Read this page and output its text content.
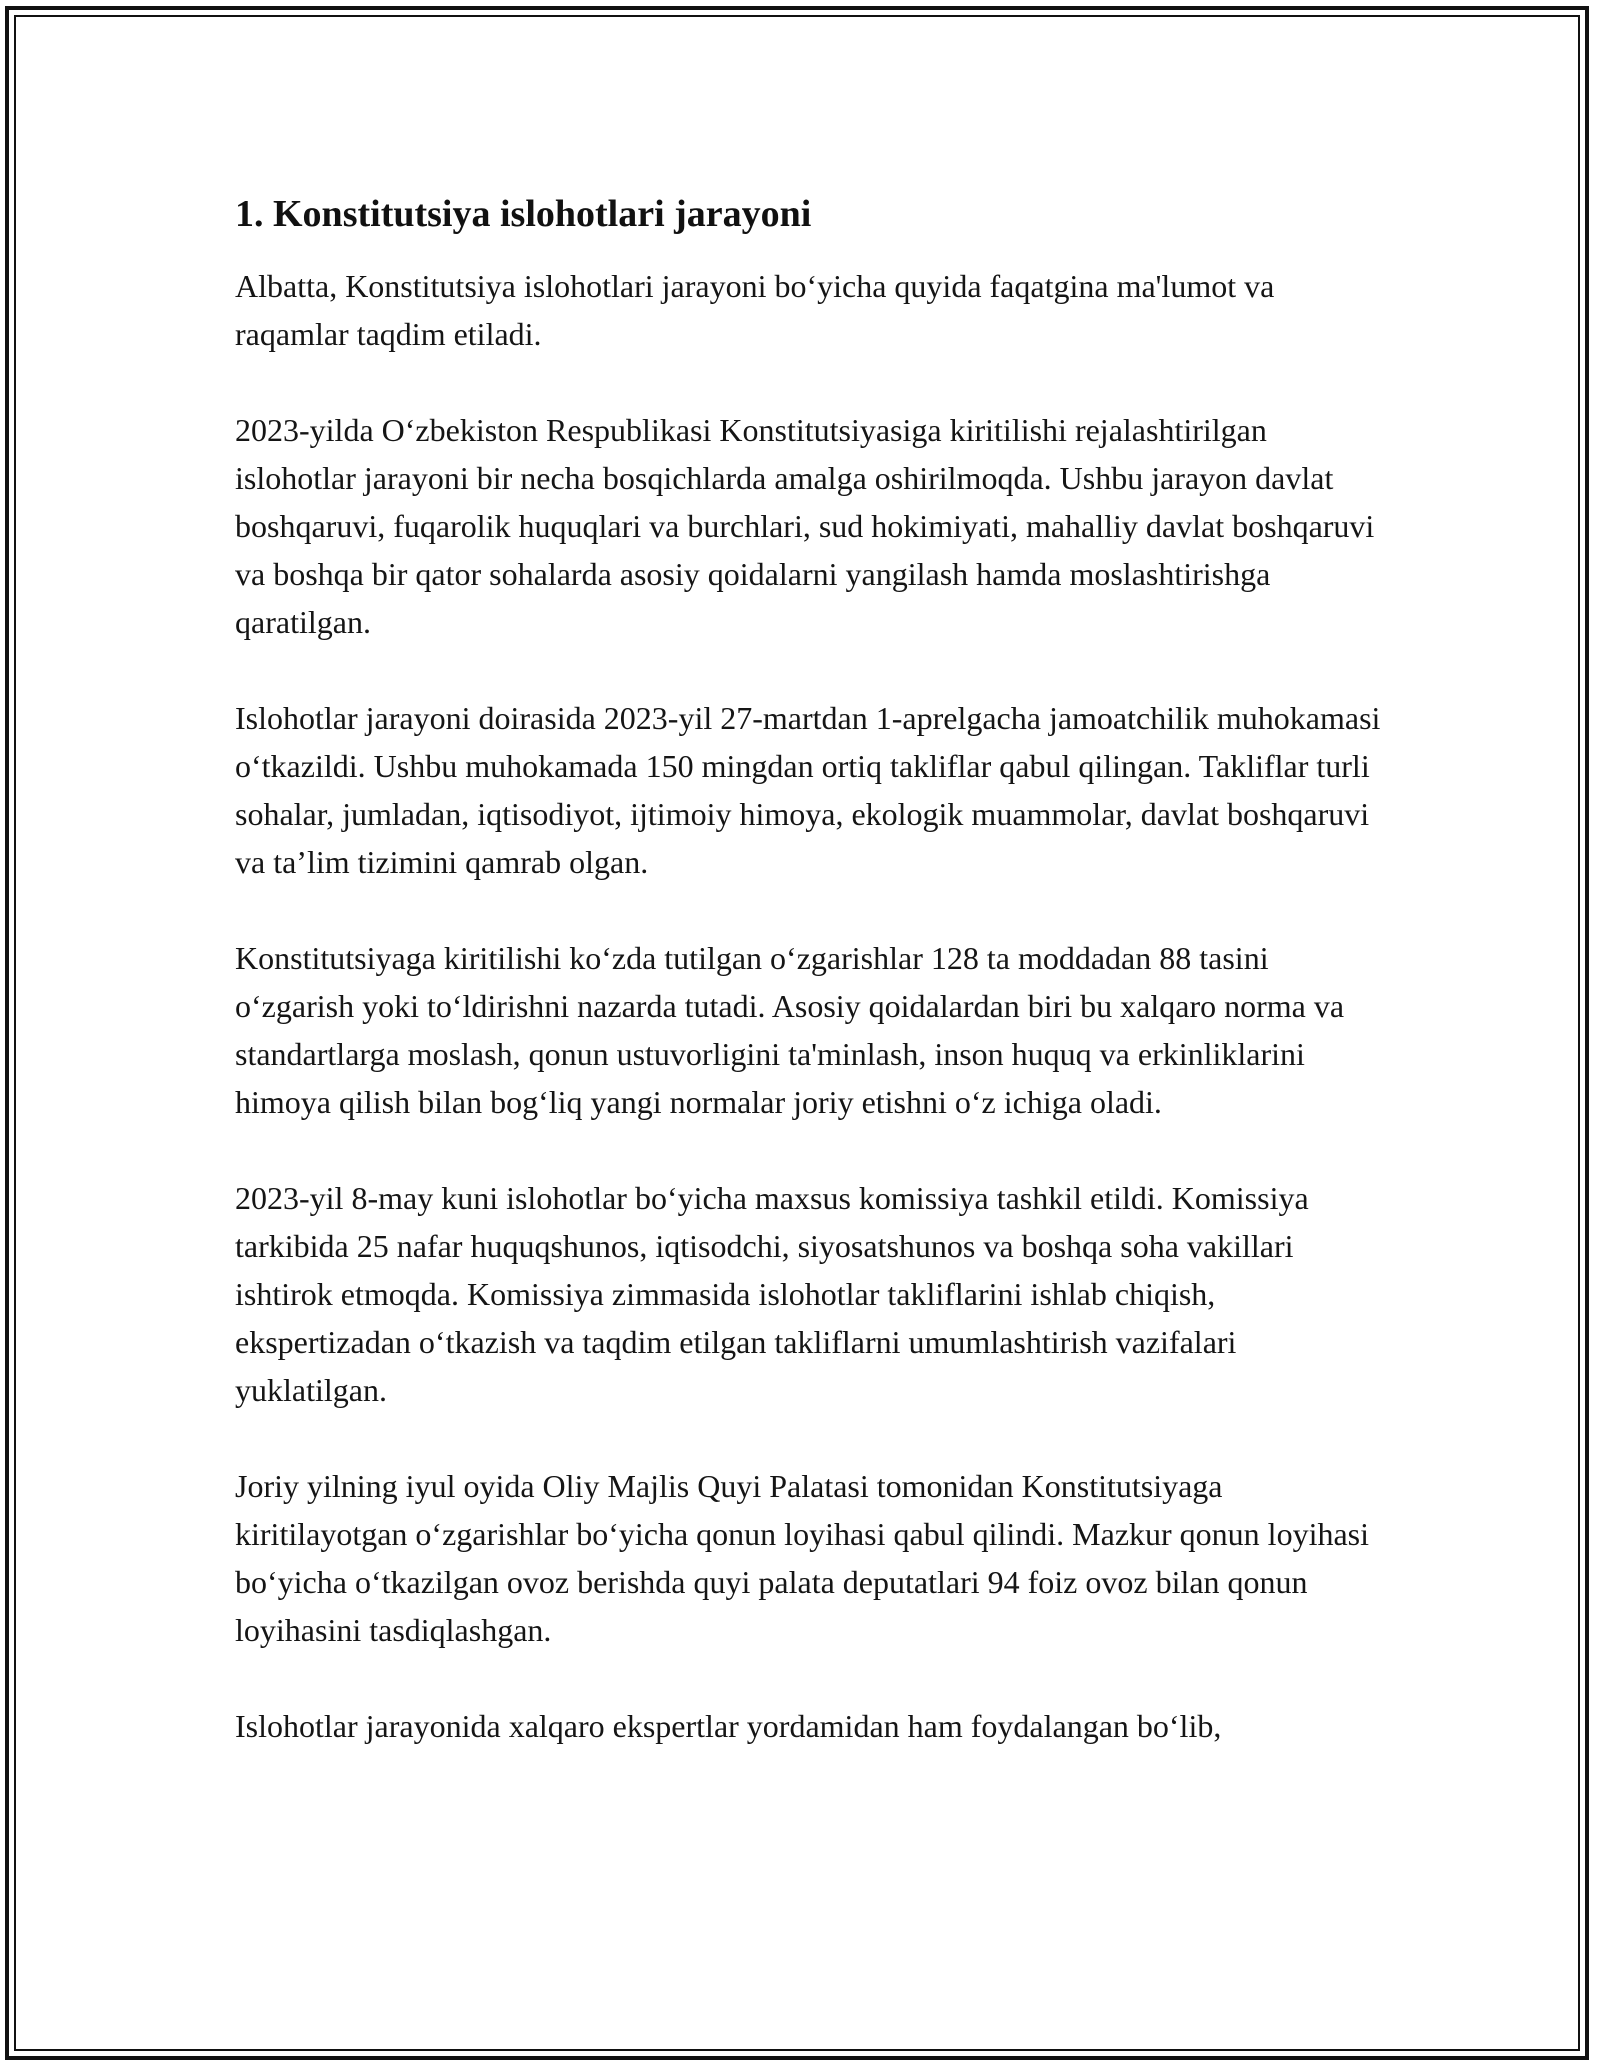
1. Konstitutsiya islohotlari jarayoni

Albatta, Konstitutsiya islohotlari jarayoni bo‘yicha quyida faqatgina ma'lumot va raqamlar taqdim etiladi.

2023-yilda O‘zbekiston Respublikasi Konstitutsiyasiga kiritilishi rejalashtirilgan islohotlar jarayoni bir necha bosqichlarda amalga oshirilmoqda. Ushbu jarayon davlat boshqaruvi, fuqarolik huquqlari va burchlari, sud hokimiyati, mahalliy davlat boshqaruvi va boshqa bir qator sohalarda asosiy qoidalarni yangilash hamda moslashtirishga qaratilgan.

Islohotlar jarayoni doirasida 2023-yil 27-martdan 1-aprelgacha jamoatchilik muhokamasi o‘tkazildi. Ushbu muhokamada 150 mingdan ortiq takliflar qabul qilingan. Takliflar turli sohalar, jumladan, iqtisodiyot, ijtimoiy himoya, ekologik muammolar, davlat boshqaruvi va ta’lim tizimini qamrab olgan.

Konstitutsiyaga kiritilishi ko‘zda tutilgan o‘zgarishlar 128 ta moddadan 88 tasini o‘zgarish yoki to‘ldirishni nazarda tutadi. Asosiy qoidalardan biri bu xalqaro norma va standartlarga moslash, qonun ustuvorligini ta'minlash, inson huquq va erkinliklarini himoya qilish bilan bog‘liq yangi normalar joriy etishni o‘z ichiga oladi.

2023-yil 8-may kuni islohotlar bo‘yicha maxsus komissiya tashkil etildi. Komissiya tarkibida 25 nafar huquqshunos, iqtisodchi, siyosatshunos va boshqa soha vakillari ishtirok etmoqda. Komissiya zimmasida islohotlar takliflarini ishlab chiqish, ekspertizadan o‘tkazish va taqdim etilgan takliflarni umumlashtirish vazifalari yuklatilgan.

Joriy yilning iyul oyida Oliy Majlis Quyi Palatasi tomonidan Konstitutsiyaga kiritilayotgan o‘zgarishlar bo‘yicha qonun loyihasi qabul qilindi. Mazkur qonun loyihasi bo‘yicha o‘tkazilgan ovoz berishda quyi palata deputatlari 94 foiz ovoz bilan qonun loyihasini tasdiqlashgan.

Islohotlar jarayonida xalqaro ekspertlar yordamidan ham foydalangan bo‘lib,
